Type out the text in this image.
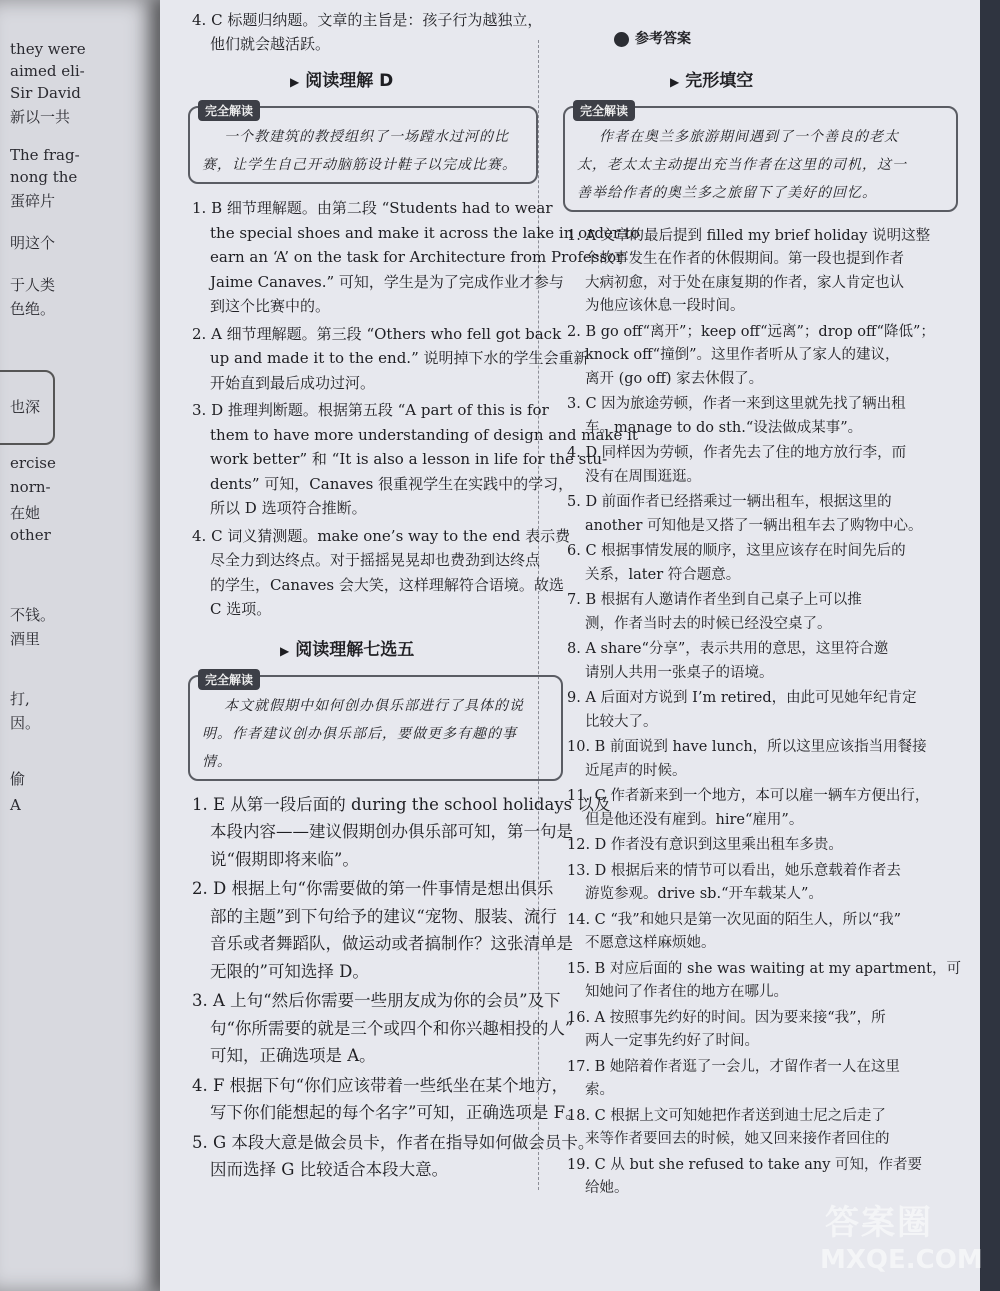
they were
aimed eli-
Sir David
新以一共
The frag-
nong the
蛋碎片
明这个
于人类
色绝。
也深
ercise
norn-
在她
other
不钱。
酒里
打,
因。
偷
A
4. C 标题归纳题。文章的主旨是：孩子行为越独立，
他们就会越活跃。
▶ 阅读理解 D
完全解读
一个教建筑的教授组织了一场蹚水过河的比
赛，让学生自己开动脑筋设计鞋子以完成比赛。
1. B 细节理解题。由第二段 “Students had to wear
the special shoes and make it across the lake in order to
earn an ‘A’ on the task for Architecture from Professor
Jaime Canaves.” 可知，学生是为了完成作业才参与
到这个比赛中的。
2. A 细节理解题。第三段 “Others who fell got back
up and made it to the end.” 说明掉下水的学生会重新
开始直到最后成功过河。
3. D 推理判断题。根据第五段 “A part of this is for
them to have more understanding of design and make it
work better” 和 “It is also a lesson in life for the stu-
dents” 可知，Canaves 很重视学生在实践中的学习，
所以 D 选项符合推断。
4. C 词义猜测题。make one’s way to the end 表示费
尽全力到达终点。对于摇摇晃晃却也费劲到达终点
的学生，Canaves 会大笑，这样理解符合语境。故选
C 选项。
▶ 阅读理解七选五
完全解读
本文就假期中如何创办俱乐部进行了具体的说
明。作者建议创办俱乐部后，要做更多有趣的事
情。
1. E 从第一段后面的 during the school holidays 以及
本段内容——建议假期创办俱乐部可知，第一句是
说“假期即将来临”。
2. D 根据上句“你需要做的第一件事情是想出俱乐
部的主题”到下句给予的建议“宠物、服装、流行
音乐或者舞蹈队，做运动或者搞制作？这张清单是
无限的”可知选择 D。
3. A 上句“然后你需要一些朋友成为你的会员”及下
句“你所需要的就是三个或四个和你兴趣相投的人”
可知，正确选项是 A。
4. F 根据下句“你们应该带着一些纸坐在某个地方，
写下你们能想起的每个名字”可知，正确选项是 F。
5. G 本段大意是做会员卡，作者在指导如何做会员卡。
因而选择 G 比较适合本段大意。
▶ 完形填空
完全解读
作者在奥兰多旅游期间遇到了一个善良的老太
太，老太太主动提出充当作者在这里的司机，这一
善举给作者的奥兰多之旅留下了美好的回忆。
1. A 文章的最后提到 filled my brief holiday 说明这整
个故事发生在作者的休假期间。第一段也提到作者
大病初愈，对于处在康复期的作者，家人肯定也认
为他应该休息一段时间。
2. B go off“离开”；keep off“远离”；drop off“降低”；
knock off“撞倒”。这里作者听从了家人的建议，
离开 (go off) 家去休假了。
3. C 因为旅途劳顿，作者一来到这里就先找了辆出租
车。manage to do sth.“设法做成某事”。
4. D 同样因为劳顿，作者先去了住的地方放行李，而
没有在周围逛逛。
5. D 前面作者已经搭乘过一辆出租车，根据这里的
another 可知他是又搭了一辆出租车去了购物中心。
6. C 根据事情发展的顺序，这里应该存在时间先后的
关系，later 符合题意。
7. B 根据有人邀请作者坐到自己桌子上可以推
测，作者当时去的时候已经没空桌了。
8. A share“分享”，表示共用的意思，这里符合邀
请别人共用一张桌子的语境。
9. A 后面对方说到 I’m retired，由此可见她年纪肯定
比较大了。
10. B 前面说到 have lunch，所以这里应该指当用餐接
近尾声的时候。
11. C 作者新来到一个地方，本可以雇一辆车方便出行，
但是他还没有雇到。hire“雇用”。
12. D 作者没有意识到这里乘出租车多贵。
13. D 根据后来的情节可以看出，她乐意载着作者去
游览参观。drive sb.“开车载某人”。
14. C “我”和她只是第一次见面的陌生人，所以“我”
不愿意这样麻烦她。
15. B 对应后面的 she was waiting at my apartment，可
知她问了作者住的地方在哪儿。
16. A 按照事先约好的时间。因为要来接“我”，所
两人一定事先约好了时间。
17. B 她陪着作者逛了一会儿，才留作者一人在这里
索。
18. C 根据上文可知她把作者送到迪士尼之后走了
来等作者要回去的时候，她又回来接作者回住的
19. C 从 but she refused to take any 可知，作者要
给她。
参考答案
答案圈
MXQE.COM
